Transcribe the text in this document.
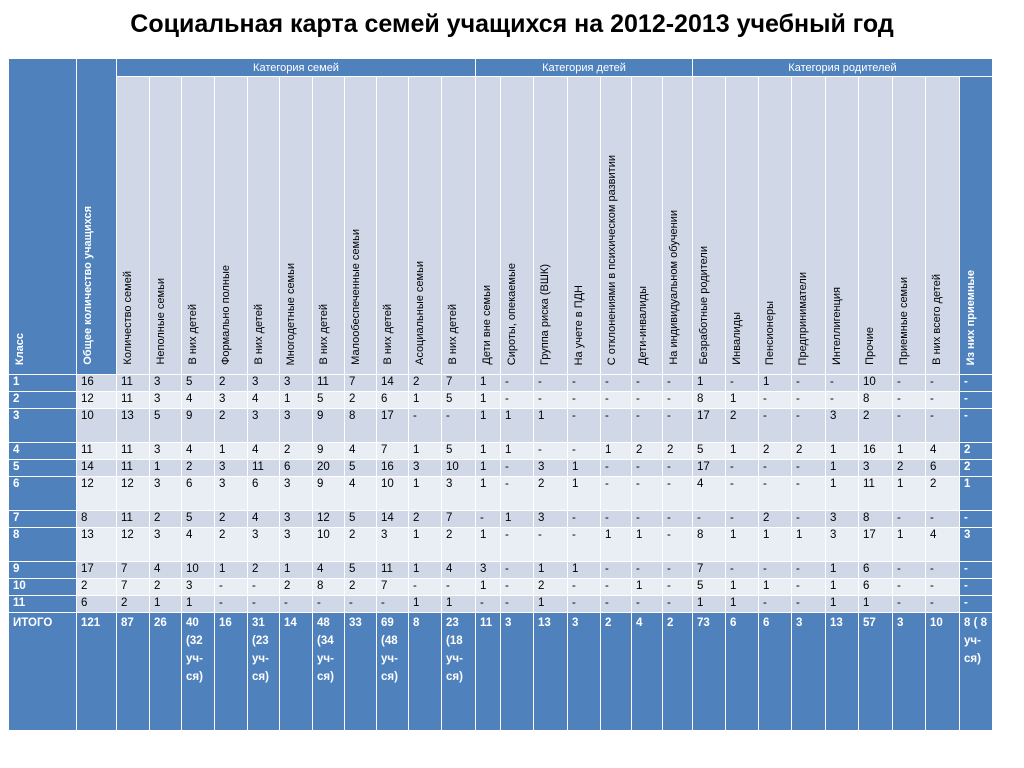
Социальная карта семей учащихся на 2012-2013 учебный год
Класс	Общее количество учащихся	Категория семей											Категория детей							Категория родителей								
		Количество семей	Неполные семьи	В них детей	Формально полные	В них детей	Многодетные семьи	В них детей	Малообеспеченные семьи	В них детей	Асоциальные семьи	В них детей	Дети вне семьи	Сироты, опекаемые	Группа риска (ВШК)	На учете в ПДН	С отклонениями в психическом развитии	Дети-инвалиды	На индивидуальном обучении	Безработные родители	Инвалиды	Пенсионеры	Предприниматели	Интеллигенция	Прочие	Приемные семьи	В них всего детей	Из них приемные
1	16	11	3	5	2	3	3	11	7	14	2	7	1	-	-	-	-	-	-	1	-	1	-	-	10	-	-	-
2	12	11	3	4	3	4	1	5	2	6	1	5	1	-	-	-	-	-	-	8	1	-	-	-	8	-	-	-
3	10	13	5	9	2	3	3	9	8	17	-	-	1	1	1	-	-	-	-	17	2	-	-	3	2	-	-	-
4	11	11	3	4	1	4	2	9	4	7	1	5	1	1	-	-	1	2	2	5	1	2	2	1	16	1	4	2
5	14	11	1	2	3	11	6	20	5	16	3	10	1	-	3	1	-	-	-	17	-	-	-	1	3	2	6	2
6	12	12	3	6	3	6	3	9	4	10	1	3	1	-	2	1	-	-	-	4	-	-	-	1	11	1	2	1
7	8	11	2	5	2	4	3	12	5	14	2	7	-	1	3	-	-	-	-	-	-	2	-	3	8	-	-	-
8	13	12	3	4	2	3	3	10	2	3	1	2	1	-	-	-	1	1	-	8	1	1	1	3	17	1	4	3
9	17	7	4	10	1	2	1	4	5	11	1	4	3	-	1	1	-	-	-	7	-	-	-	1	6	-	-	-
10	2	7	2	3	-	-	2	8	2	7	-	-	1	-	2	-	-	1	-	5	1	1	-	1	6	-	-	-
11	6	2	1	1	-	-	-	-	-	-	1	1	-	-	1	-	-	-	-	1	1	-	-	1	1	-	-	-
ИТОГО	121	87	26	40 (32 уч-ся)	16	31 (23 уч-ся)	14	48 (34 уч-ся)	33	69 (48 уч-ся)	8	23 (18 уч-ся)	11	3	13	3	2	4	2	73	6	6	3	13	57	3	10	8 ( 8 уч-ся)
